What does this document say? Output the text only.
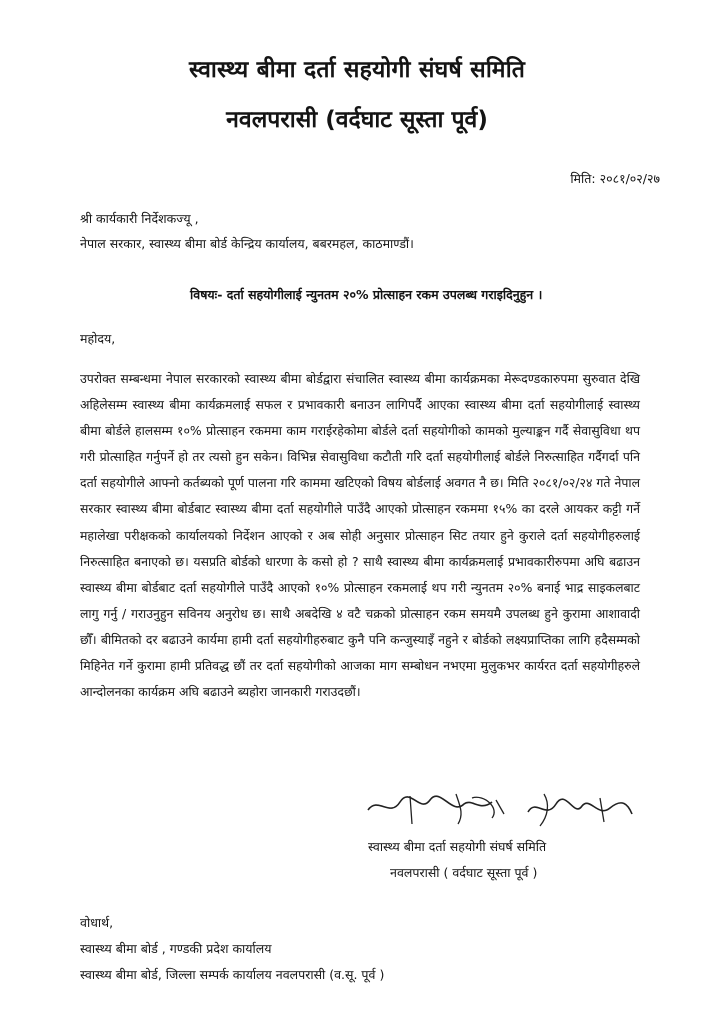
स्वास्थ्य बीमा दर्ता सहयोगी संघर्ष समिति
नवलपरासी (वर्दघाट सूस्ता पूर्व)
मिति: २०८१/०२/२७
श्री कार्यकारी निर्देशकज्यू ,
नेपाल सरकार, स्वास्थ्य बीमा बोर्ड केन्द्रिय कार्यालय, बबरमहल, काठमाण्डौं।
विषयः- दर्ता सहयोगीलाई न्युनतम २०% प्रोत्साहन रकम उपलब्ध गराइदिनुहुन ।
महोदय,
उपरोक्त सम्बन्धमा नेपाल सरकारको स्वास्थ्य बीमा बोर्डद्वारा संचालित स्वास्थ्य बीमा कार्यक्रमका मेरूदण्डकारुपमा सुरुवात देखि अहिलेसम्म स्वास्थ्य बीमा कार्यक्रमलाई सफल र प्रभावकारी बनाउन लागिपर्दै आएका स्वास्थ्य बीमा दर्ता सहयोगीलाई स्वास्थ्य बीमा बोर्डले हालसम्म १०% प्रोत्साहन रकममा काम गराईरहेकोमा बोर्डले दर्ता सहयोगीको कामको मुल्याङ्कन गर्दै सेवासुविधा थप गरी प्रोत्साहित गर्नुपर्ने हो तर त्यसो हुन सकेन। विभिन्न सेवासुविधा कटौती गरि दर्ता सहयोगीलाई बोर्डले निरुत्साहित गर्दैगर्दा पनि दर्ता सहयोगीले आफ्नो कर्तब्यको पूर्ण पालना गरि काममा खटिएको विषय बोर्डलाई अवगत नै छ। मिति २०८१/०२/२४ गते नेपाल सरकार स्वास्थ्य बीमा बोर्डबाट स्वास्थ्य बीमा दर्ता सहयोगीले पाउँदै आएको प्रोत्साहन रकममा १५% का दरले आयकर कट्टी गर्ने महालेखा परीक्षकको कार्यालयको निर्देशन आएको र अब सोही अनुसार प्रोत्साहन सिट तयार हुने कुराले दर्ता सहयोगीहरुलाई निरुत्साहित बनाएको छ। यसप्रति बोर्डको धारणा के कसो हो ? साथै स्वास्थ्य बीमा कार्यक्रमलाई प्रभावकारीरुपमा अघि बढाउन स्वास्थ्य बीमा बोर्डबाट दर्ता सहयोगीले पाउँदै आएको १०% प्रोत्साहन रकमलाई थप गरी न्युनतम २०% बनाई भाद्र साइकलबाट लागु गर्नु / गराउनुहुन सविनय अनुरोध छ। साथै अबदेखि ४ वटै चक्रको प्रोत्साहन रकम समयमै उपलब्ध हुने कुरामा आशावादी छौँ। बीमितको दर बढाउने कार्यमा हामी दर्ता सहयोगीहरुबाट कुनै पनि कन्जुस्याइँ नहुने र बोर्डको लक्ष्यप्राप्तिका लागि हदैसम्मको मिहिनेत गर्ने कुरामा हामी प्रतिवद्ध छौं तर दर्ता सहयोगीको आजका माग सम्बोधन नभएमा मुलुकभर कार्यरत दर्ता सहयोगीहरुले आन्दोलनका कार्यक्रम अघि बढाउने ब्यहोरा जानकारी गराउदछौं।
स्वास्थ्य बीमा दर्ता सहयोगी संघर्ष समिति
नवलपरासी ( वर्दघाट सूस्ता पूर्व )
वोधार्थ,
स्वास्थ्य बीमा बोर्ड , गण्डकी प्रदेश कार्यालय
स्वास्थ्य बीमा बोर्ड, जिल्ला सम्पर्क कार्यालय नवलपरासी (व.सू. पूर्व )
